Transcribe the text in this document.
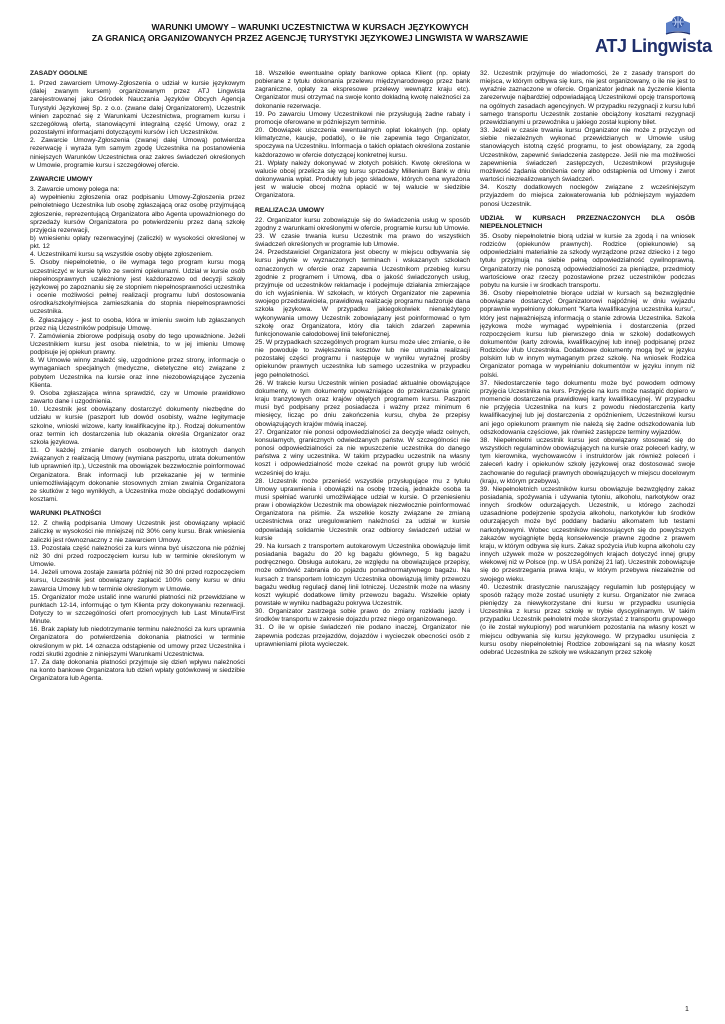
WARUNKI UMOWY – WARUNKI UCZESTNICTWA W KURSACH JĘZYKOWYCH
ZA GRANICĄ ORGANIZOWANYCH PRZEZ AGENCJĘ TURYSTYKI JĘZYKOWEJ LINGWISTA W WARSZAWIE	ATJ Lingwista

ZASADY OGÓLNE

1. Przed zawarciem Umowy-Zgłoszenia o udział w kursie językowym (dalej zwanym kursem) organizowanym przez ATJ Lingwista zarejestrowanej jako Ośrodek Nauczania Języków Obcych Agencja Turystyki Językowej Sp. z o.o. (zwane dalej Organizatorem), Uczestnik winien zapoznać się z Warunkami Uczestnictwa, programem kursu i szczegółową ofertą, stanowiącymi integralną część Umowy, oraz z pozostałymi informacjami dotyczącymi kursów i ich Uczestników.

2. Zawarcie Umowy-Zgłoszenia (zwanej dalej Umową) potwierdza rezerwację i wyraża tym samym zgodę Uczestnika na postanowienia niniejszych Warunków Uczestnictwa oraz zakres świadczeń określonych w Umowie, programie kursu i szczegółowej ofercie.

ZAWARCIE UMOWY

3. Zawarcie umowy polega na:

a) wypełnieniu zgłoszenia oraz podpisaniu Umowy-Zgłoszenia przez pełnoletniego Uczestnika lub osobę zgłaszającą oraz osobę przyjmującą zgłoszenie, reprezentującą Organizatora albo Agenta upoważnionego do sprzedaży kursów Organizatora po potwierdzeniu przez daną szkołę przyjęcia rezerwacji,

b) wniesieniu opłaty rezerwacyjnej (zaliczki) w wysokości określonej w pkt. 12

4. Uczestnikami kursu są wszystkie osoby objęte zgłoszeniem.

5. Osoby niepełnoletnie, o ile wymaga tego program kursu mogą uczestniczyć w kursie tylko ze swoimi opiekunami. Udział w kursie osób niepełnosprawnych uzależniony jest każdorazowo od decyzji szkoły językowej po zapoznaniu się ze stopniem niepełnosprawności uczestnika i ocenie możliwości pełnej realizacji programu lub/i dostosowania ośrodka/szkoły/miejsca zamieszkania do stopnia niepełnosprawności uczestnika.

6. Zgłaszający - jest to osoba, która w imieniu swoim lub zgłaszanych przez nią Uczestników podpisuje Umowę.

7. Zamówienia zbiorowe podpisują osoby do tego upoważnione. Jeżeli Uczestnikiem kursu jest osoba nieletnia, to w jej imieniu Umowę podpisuje jej opiekun prawny.

8. W Umowie winny znaleźć się, uzgodnione przez strony, informacje o wymaganiach specjalnych (medyczne, dietetyczne etc) związane z pobytem Uczestnika na kursie oraz inne niezobowiązujące życzenia Klienta.

9. Osoba zgłaszająca winna sprawdzić, czy w Umowie prawidłowo zawarto dane i uzgodnienia.

10. Uczestnik jest obowiązany dostarczyć dokumenty niezbędne do udziału w kursie (paszport lub dowód osobisty, ważne legitymacje szkolne, wnioski wizowe, karty kwalifikacyjne itp.). Rodzaj dokumentów oraz termin ich dostarczenia lub okazania określa Organizator oraz szkoła językowa.

11. O każdej zmianie danych osobowych lub istotnych danych związanych z realizacją Umowy (wymiana paszportu, utrata dokumentów lub uprawnień itp.), Uczestnik ma obowiązek bezzwłocznie poinformować Organizatora. Brak informacji lub przekazanie jej w terminie uniemożliwiającym dokonanie stosownych zmian zwalnia Organizatora ze skutków z tego wynikłych, a Uczestnika może obciążyć dodatkowymi kosztami.

WARUNKI PŁATNOŚCI

12. Z chwilą podpisania Umowy Uczestnik jest obowiązany wpłacić zaliczkę w wysokości nie mniejszej niż 30% ceny kursu. Brak wniesienia zaliczki jest równoznaczny z nie zawarciem Umowy.

13. Pozostała część należności za kurs winna być uiszczona nie później niż 30 dni przed rozpoczęciem kursu lub w terminie określonym w Umowie.

14. Jeżeli umowa zostaje zawarta później niż 30 dni przed rozpoczęciem kursu, Uczestnik jest obowiązany zapłacić 100% ceny kursu w dniu zawarcia Umowy lub w terminie określonym w Umowie.

15. Organizator może ustalić inne warunki płatności niż przewidziane w punktach 12-14, informując o tym Klienta przy dokonywaniu rezerwacji. Dotyczy to w szczególności ofert promocyjnych lub Last Minute/First Minute.

16. Brak zapłaty lub niedotrzymanie terminu należności za kurs uprawnia Organizatora do potwierdzenia dokonania płatności w terminie określonym w pkt. 14 oznacza odstąpienie od umowy przez Uczestnika i rodzi skutki zgodnie z niniejszymi Warunkami Uczestnictwa.

17. Za datę dokonania płatności przyjmuje się dzień wpływu należności na konto bankowe Organizatora lub dzień wpłaty gotówkowej w siedzibie Organizatora lub Agenta.

18. Wszelkie ewentualne opłaty bankowe opłaca Klient (np. opłaty pobierane z tytułu dokonania przelewu międzynarodowego przez bank zagraniczne, opłaty za ekspresowe przelewy wewnątrz kraju etc). Organizator musi otrzymać na swoje konto dokładną kwotę należności za dokonanie rezerwacje.

19. Po zawarciu Umowy Uczestnikowi nie przysługują żadne rabaty i promocje oferowane w późniejszym terminie.

20. Obowiązek uiszczenia ewentualnych opłat lokalnych (np. opłaty klimatyczne, kaucje, podatki), o ile nie zapewnia tego Organizator, spoczywa na Uczestniku. Informacja o takich opłatach określona zostanie każdorazowo w ofercie dotyczącej konkretnej kursu.

21. Wpłaty należy dokonywać w złotych polskich. Kwotę określona w walucie obcej przelicza się wg kursu sprzedaży Millenium Bank w dniu dokonywania wpłat. Produkty lub jego składowe, których cena wyrażona jest w walucie obcej można opłacić w tej walucie w siedzibie Organizatora.

REALIZACJA UMOWY

22. Organizator kursu zobowiązuje się do świadczenia usług w sposób zgodny z warunkami określonymi w ofercie, programie kursu lub Umowie.

23. W czasie trwania kursu Uczestnik ma prawo do wszystkich świadczeń określonych w programie lub Umowie.

24. Przedstawiciel Organizatora jest obecny w miejscu odbywania się kursu jedynie w wyznaczonych terminach i wskazanych szkołach oznaczonych w ofercie oraz zapewnia Uczestnikom przebieg kursu zgodnie z programem i Umową, dba o jakość świadczonych usług, przyjmuje od uczestników reklamacje i podejmuje działania zmierzające do ich wyjaśnienia. W szkołach, w których Organizator nie zapewnia swojego przedstawiciela, prawidłową realizację programu nadzoruje dana szkoła językowa. W przypadku jakiegokolwiek nienależytego wykonywania umowy Uczestnik zobowiązany jest poinformować o tym szkołę oraz Organizatora, który dla takich zdarzeń zapewnia funkcjonowanie całodobowej linii telefonicznej.

25. W przypadkach szczególnych program kursu może ulec zmianie, o ile nie powoduje to zwiększenia kosztów lub nie utrudnia realizacji pozostałej części programu i następuje w wyniku wyraźnej prośby opiekunów prawnych uczestnika lub samego uczestnika w przypadku jego pełnoletności.

26. W trakcie kursu Uczestnik winien posiadać aktualnie obowiązujące dokumenty, w tym dokumenty upoważniające do przekraczania granic kraju tranzytowych oraz krajów objętych programem kursu. Paszport musi być podpisany przez posiadacza i ważny przez minimum 6 miesięcy, licząc po dniu zakończenia kursu, chyba że przepisy obowiązujących krajów mówią inaczej.

27. Organizator nie ponosi odpowiedzialności za decyzje władz celnych, konsularnych, granicznych odwiedzanych państw. W szczególności nie ponosi odpowiedzialności za nie wpuszczenie uczestnika do danego państwa z winy uczestnika. W takim przypadku uczestnik na własny koszt i odpowiedzialność może czekać na powrót grupy lub wrócić wcześniej do kraju.

28. Uczestnik może przenieść wszystkie przysługujące mu z tytułu Umowy uprawnienia i obowiązki na osobę trzecią, jednakże osoba ta musi spełniać warunki umożliwiające udział w kursie. O przeniesieniu praw i obowiązków Uczestnik ma obowiązek niezwłocznie poinformować Organizatora na piśmie. Za wszelkie koszty związane ze zmianą uczestnictwa oraz uregulowaniem należności za udział w kursie odpowiadają solidarnie Uczestnik oraz odbiorcy świadczeń udział w kursie

29. Na kursach z transportem autokarowym Uczestnika obowiązuje limit posiadania bagażu do 20 kg bagażu głównego, 5 kg bagażu podręcznego. Obsługa autokaru, ze względu na obowiązujące przepisy, może odmówić zabrania do pojazdu ponadnormatywnego bagażu. Na kursach z transportem lotniczym Uczestnika obowiązują limity przewozu bagażu według regulacji danej linii lotniczej. Uczestnik może na własny koszt wykupić dodatkowe limity przewozu bagażu. Wszelkie opłaty powstałe w wyniku nadbagażu pokrywa Uczestnik.

30. Organizator zastrzega sobie prawo do zmiany rozkładu jazdy i środków transportu w zakresie dojazdu przez niego organizowanego.

31. O ile w opisie świadczeń nie podano inaczej, Organizator nie zapewnia podczas przejazdów, dojazdów i wycieczek obecności osób z uprawnieniami pilota wycieczek.

32. Uczestnik przyjmuje do wiadomości, że z zasady transport do miejsca, w którym odbywa się kurs, nie jest organizowany, o ile nie jest to wyraźnie zaznaczone w ofercie. Organizator jednak na życzenie klienta zarezerwuje najbardziej odpowiadającą Uczestnikowi opcję transportową na ogólnych zasadach agencyjnych. W przypadku rezygnacji z kursu lub/i samego transportu Uczestnik zostanie obciążony kosztami rezygnacji przewidzianymi u przewoźnika u jakiego został kupiony bilet.

33. Jeżeli w czasie trwania kursu Organizator nie może z przyczyn od siebie niezależnych wykonać przewidzianych w Umowie usług stanowiących istotną część programu, to jest obowiązany, za zgodą Uczestników, zapewnić świadczenia zastępcze. Jeśli nie ma możliwości zapewnienia świadczeń zastępczych, Uczestnikowi przysługuje możliwość żądania obniżenia ceny albo odstąpienia od Umowy i zwrot wartości niezrealizowanych świadczeń.

34. Koszty dodatkowych noclegów związane z wcześniejszym przyjazdem do miejsca zakwaterowania lub późniejszym wyjazdem ponosi Uczestnik.

UDZIAŁ W KURSACH PRZEZNACZONYCH DLA OSÓB NIEPEŁNOLETNICH

35. Osoby niepełnoletnie biorą udział w kursie za zgodą i na wniosek rodziców (opiekunów prawnych). Rodzice (opiekunowie) są odpowiedzialni materialnie za szkody wyrządzone przez dziecko i z tego tytułu przyjmują na siebie pełną odpowiedzialność cywilnoprawną. Organizatorzy nie ponoszą odpowiedzialności za pieniądze, przedmioty wartościowe oraz rzeczy pozostawione przez uczestników podczas pobytu na kursie i w środkach transportu.

36. Osoby niepełnoletnie biorące udział w kursach są bezwzględnie obowiązane dostarczyć Organizatorowi najpóźniej w dniu wyjazdu poprawnie wypełniony dokument "Karta kwalifikacyjna uczestnika kursu", który jest najważniejszą informacją o stanie zdrowia Uczestnika. Szkoła językowa może wymagać wypełnienia i dostarczenia (przed rozpoczęciem kursu lub pierwszego dnia w szkole) dodatkowych dokumentów (karty zdrowia, kwalifikacyjnej lub innej) podpisanej przez Rodziców i/lub Uczestnika. Dodatkowe dokumenty mogą być w języku polskim lub w innym wymaganym przez szkołę. Na wniosek Rodzica Organizator pomaga w wypełnianiu dokumentów w języku innym niż polski.

37. Niedostarczenie tego dokumentu może być powodem odmowy przyjęcia Uczestnika na kurs. Przyjęcie na kurs może nastąpić dopiero w momencie dostarczenia prawidłowej karty kwalifikacyjnej. W przypadku nie przyjęcia Uczestnika na kurs z powodu niedostarczenia karty kwalifikacyjnej lub jej dostarczenia z opóźnieniem, Uczestnikowi kursu ani jego opiekunom prawnym nie należą się żadne odszkodowania lub odszkodowania częściowe, jak również zastępcze terminy wyjazdów.

38. Niepełnoletni uczestnik kursu jest obowiązany stosować się do wszystkich regulaminów obowiązujących na kursie oraz poleceń kadry, w tym kierownika, wychowawców i instruktorów jak również poleceń i zaleceń kadry i opiekunów szkoły językowej oraz dostosować swoje zachowanie do regulacji prawnych obowiązujących w miejscu docelowym (kraju, w którym przebywa).

39. Niepełnoletnich uczestników kursu obowiązuje bezwzględny zakaz posiadania, spożywania i używania tytoniu, alkoholu, narkotyków oraz innych środków odurzających. Uczestnik, u którego zachodzi uzasadnione podejrzenie spożycia alkoholu, narkotyków lub środków odurzających może być poddany badaniu alkomatem lub testami narkotykowymi. Wobec uczestników niestosujących się do powyższych zakazów wyciągnięte będą konsekwencje prawne zgodne z prawem kraju, w którym odbywa się kurs. Zakaz spożycia i/lub kupna alkoholu czy innych używek może w poszczególnych krajach dotyczyć innej grupy wiekowej niż w Polsce (np. w USA poniżej 21 lat). Uczestnik zobowiązuje się do przestrzegania prawa kraju, w którym przebywa niezależnie od swojego wieku.

40. Uczestnik drastycznie naruszający regulamin lub postępujący w sposób rażący może zostać usunięty z kursu. Organizator nie zwraca pieniędzy za niewykorzystane dni kursu w przypadku usunięcia Uczestnika z kursu przez szkołę w trybie dyscyplinarnym. W takim przypadku Uczestnik pełnoletni może skorzystać z transportu grupowego (o ile został wykupiony) pod warunkiem pozostania na własny koszt w miejscu odbywania się kursu językowego. W przypadku usunięcia z kursu osoby niepełnoletniej Rodzice zobowiązani są na własny koszt odebrać Uczestnika ze szkoły we wskazanym przez szkołę

1
